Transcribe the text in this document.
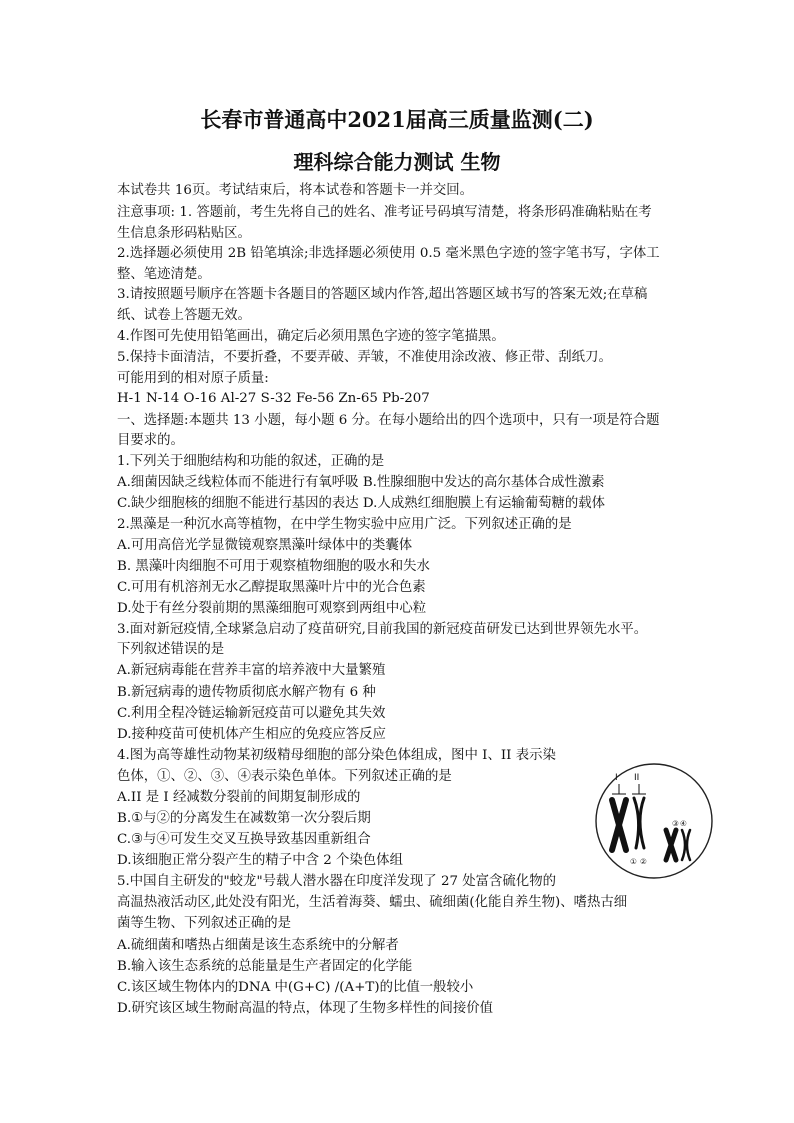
长春市普通高中2021届高三质量监测(二)
理科综合能力测试 生物
本试卷共 16页。考试结束后，将本试卷和答题卡一并交回。
注意事项: 1. 答题前，考生先将自己的姓名、准考证号码填写清楚，将条形码准确粘贴在考
生信息条形码粘贴区。
2.选择题必须使用 2B 铅笔填涂;非选择题必须使用 0.5 毫米黑色字迹的签字笔书写，字体工
整、笔迹清楚。
3.请按照题号顺序在答题卡各题目的答题区域内作答,超出答题区域书写的答案无效;在草稿
纸、试卷上答题无效。
4.作图可先使用铅笔画出，确定后必须用黑色字迹的签字笔描黑。
5.保持卡面清洁，不要折叠，不要弄破、弄皱，不准使用涂改液、修正带、刮纸刀。
可能用到的相对原子质量:
H-1 N-14 O-16 Al-27 S-32 Fe-56 Zn-65 Pb-207
一、选择题:本题共 13 小题，每小题 6 分。在每小题给出的四个选项中，只有一项是符合题
目要求的。
1.下列关于细胞结构和功能的叙述，正确的是
A.细菌因缺乏线粒体而不能进行有氧呼吸 B.性腺细胞中发达的高尔基体合成性激素
C.缺少细胞核的细胞不能进行基因的表达 D.人成熟红细胞膜上有运输葡萄糖的载体
2.黑藻是一种沉水高等植物，在中学生物实验中应用广泛。下列叙述正确的是
A.可用高倍光学显微镜观察黑藻叶绿体中的类囊体
B. 黑藻叶肉细胞不可用于观察植物细胞的吸水和失水
C.可用有机溶剂无水乙醇提取黑藻叶片中的光合色素
D.处于有丝分裂前期的黑藻细胞可观察到两组中心粒
3.面对新冠疫情,全球紧急启动了疫苗研究,目前我国的新冠疫苗研发已达到世界领先水平。
下列叙述错误的是
A.新冠病毒能在营养丰富的培养液中大量繁殖
B.新冠病毒的遗传物质彻底水解产物有 6 种
C.利用全程冷链运输新冠疫苗可以避免其失效
D.接种疫苗可使机体产生相应的免疫应答反应
4.图为高等雄性动物某初级精母细胞的部分染色体组成，图中 I、II 表示染
色体，①、②、③、④表示染色单体。下列叙述正确的是
A.II 是 I 经减数分裂前的间期复制形成的
B.①与②的分离发生在减数第一次分裂后期
C.③与④可发生交叉互换导致基因重新组合
D.该细胞正常分裂产生的精子中含 2 个染色体组
5.中国自主研发的"蛟龙"号载人潜水器在印度洋发现了 27 处富含硫化物的
高温热液活动区,此处没有阳光，生活着海葵、蠕虫、硫细菌(化能自养生物)、嗜热古细
菌等生物、下列叙述正确的是
A.硫细菌和嗜热占细菌是该生态系统中的分解者
B.输入该生态系统的总能量是生产者固定的化学能
C.该区域生物体内的DNA 中(G+C) /(A+T)的比值一般较小
D.研究该区域生物耐高温的特点，体现了生物多样性的间接价值
I II
① ②
③ ④
